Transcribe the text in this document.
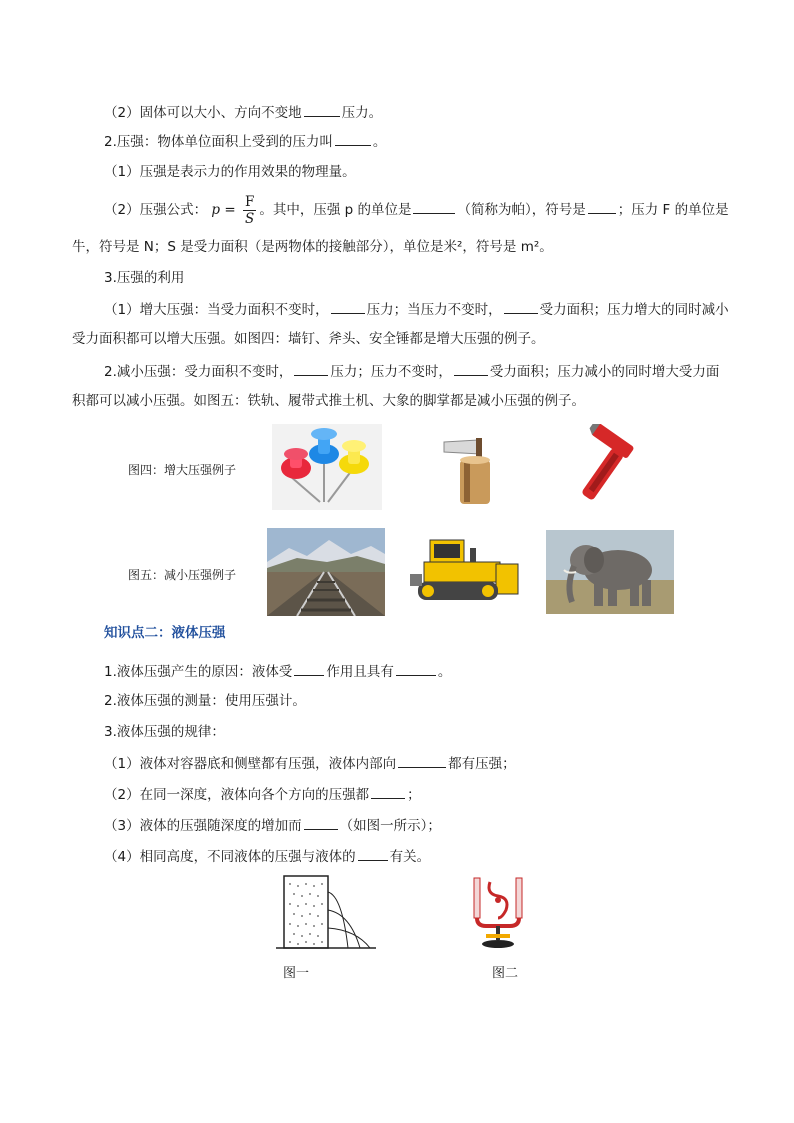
（2）固体可以大小、方向不变地	压力。
2.压强：物体单位面积上受到的压力叫	。
（1）压强是表示力的作用效果的物理量。
（2）压强公式： $p = \frac{F}{S}$ 。其中，压强 p 的单位是	（简称为帕），符号是 ；压力 F 的单位是
牛，符号是 N；S 是受力面积（是两物体的接触部分），单位是米²，符号是 m²。
3.压强的利用
（1）增大压强：当受力面积不变时，	压力；当压力不变时，	受力面积；压力增大的同时减小
受力面积都可以增大压强。如图四：墙钉、斧头、安全锤都是增大压强的例子。
2.减小压强：受力面积不变时，	压力；压力不变时，	受力面积；压力减小的同时增大受力面
积都可以减小压强。如图五：铁轨、履带式推土机、大象的脚掌都是减小压强的例子。
图四：增大压强例子
图五：减小压强例子
知识点二：液体压强
1.液体压强产生的原因：液体受	作用且具有	。
2.液体压强的测量：使用压强计。
3.液体压强的规律：
（1）液体对容器底和侧壁都有压强，液体内部向	都有压强；
（2）在同一深度，液体向各个方向的压强都	；
（3）液体的压强随深度的增加而	（如图一所示）；
（4）相同高度，不同液体的压强与液体的	有关。
图一	图二
